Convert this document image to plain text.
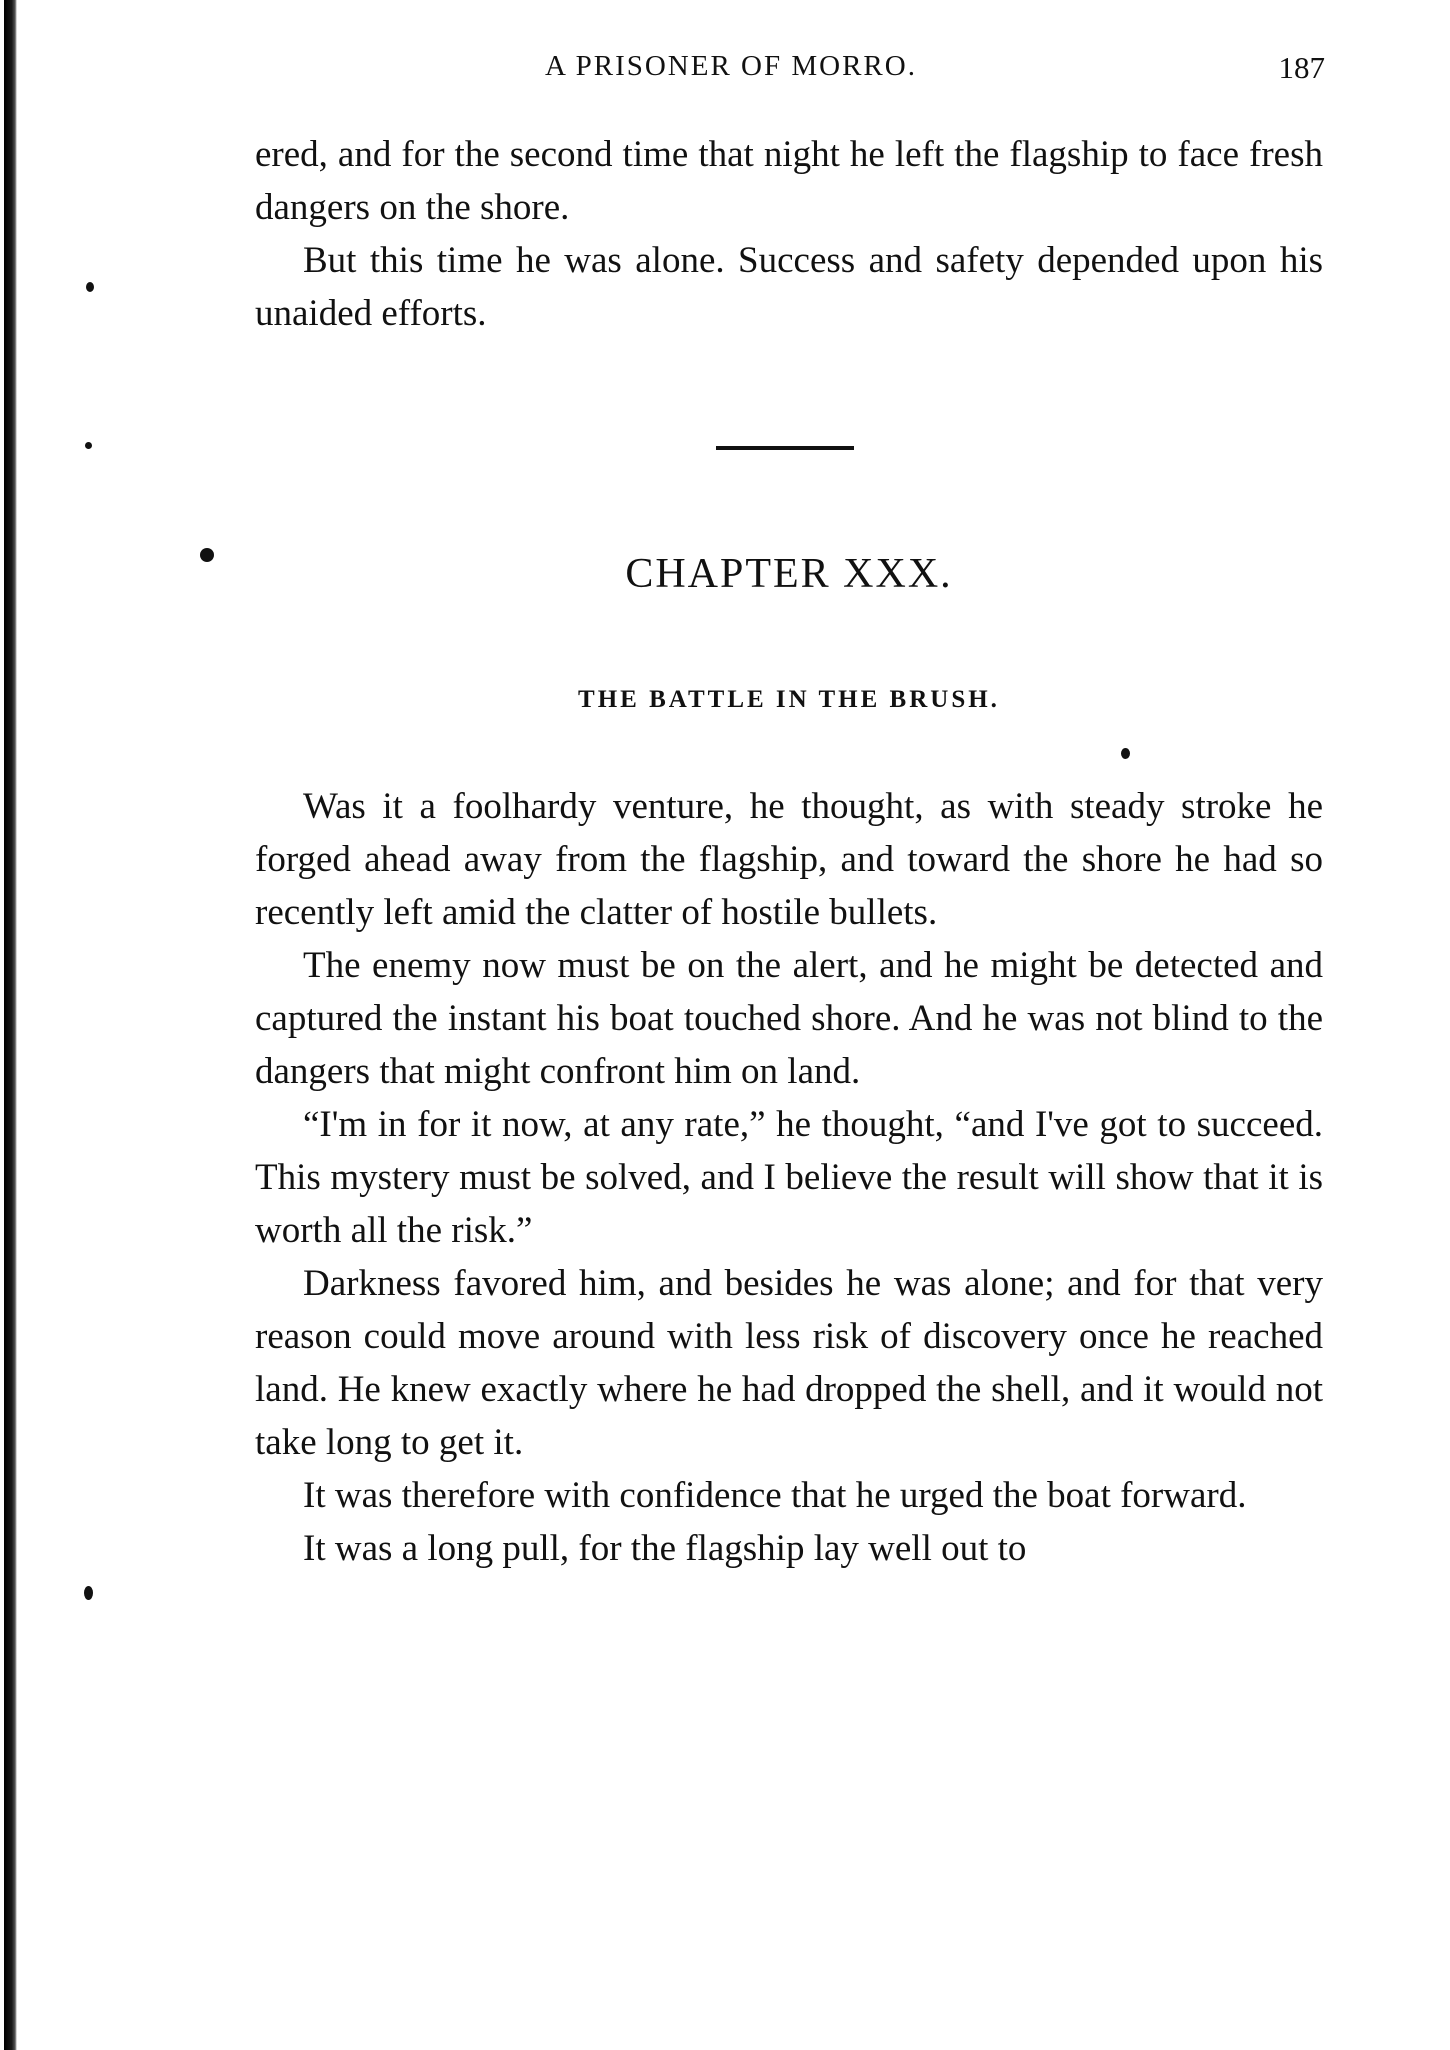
A PRISONER OF MORRO.	187

ered, and for the second time that night he left the flagship to face fresh dangers on the shore.

But this time he was alone. Success and safety depended upon his unaided efforts.

CHAPTER XXX.
THE BATTLE IN THE BRUSH.

Was it a foolhardy venture, he thought, as with steady stroke he forged ahead away from the flagship, and toward the shore he had so recently left amid the clatter of hostile bullets.

The enemy now must be on the alert, and he might be detected and captured the instant his boat touched shore. And he was not blind to the dangers that might confront him on land.

“I'm in for it now, at any rate,” he thought, “and I've got to succeed. This mystery must be solved, and I believe the result will show that it is worth all the risk.”

Darkness favored him, and besides he was alone; and for that very reason could move around with less risk of discovery once he reached land. He knew exactly where he had dropped the shell, and it would not take long to get it.

It was therefore with confidence that he urged the boat forward.

It was a long pull, for the flagship lay well out to
